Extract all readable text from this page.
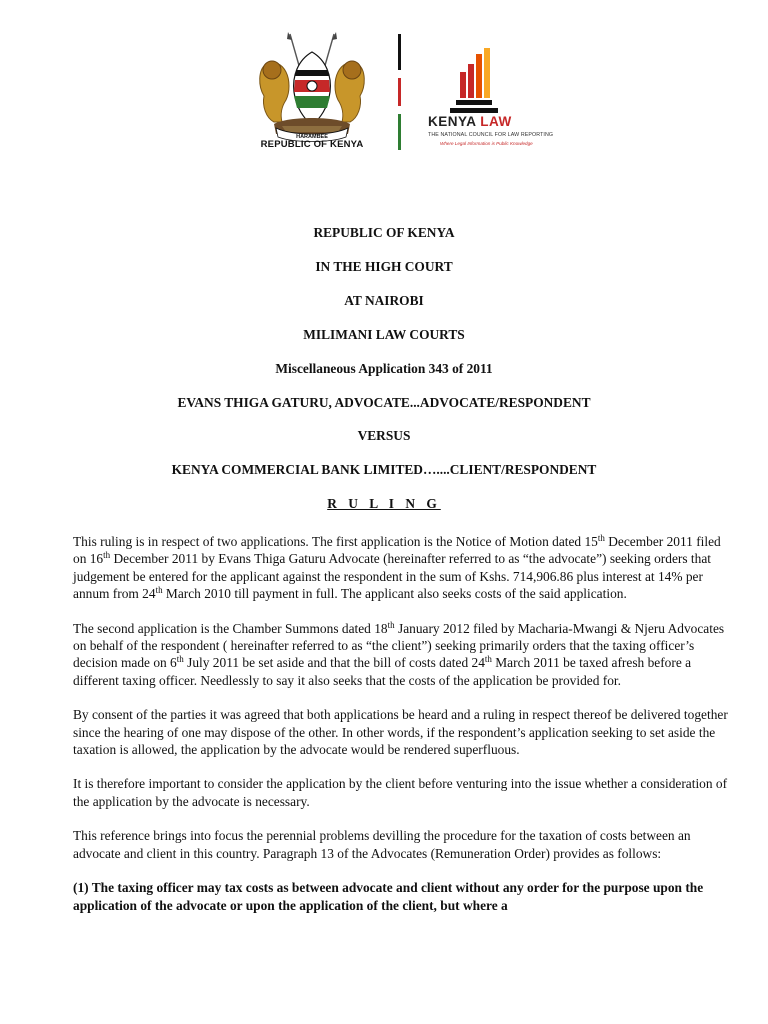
HARAMBEE
REPUBLIC OF KENYA
KENYA LAW
THE NATIONAL COUNCIL FOR LAW REPORTING
Where Legal Information is Public Knowledge
REPUBLIC OF KENYA
IN THE HIGH COURT
AT NAIROBI
MILIMANI LAW COURTS
Miscellaneous Application 343 of 2011
EVANS THIGA GATURU, ADVOCATE...ADVOCATE/RESPONDENT
VERSUS
KENYA COMMERCIAL BANK LIMITED…....CLIENT/RESPONDENT
R U L I N G

This ruling is in respect of two applications. The first application is the Notice of Motion dated 15th December 2011 filed on 16th December 2011 by Evans Thiga Gaturu Advocate (hereinafter referred to as “the advocate”) seeking orders that judgement be entered for the applicant against the respondent in the sum of Kshs. 714,906.86 plus interest at 14% per annum from 24th March 2010 till payment in full. The applicant also seeks costs of the said application.

The second application is the Chamber Summons dated 18th January 2012 filed by Macharia-Mwangi & Njeru Advocates on behalf of the respondent ( hereinafter referred to as “the client”) seeking primarily orders that the taxing officer’s decision made on 6th July 2011 be set aside and that the bill of costs dated 24th March 2011 be taxed afresh before a different taxing officer. Needlessly to say it also seeks that the costs of the application be provided for.

By consent of the parties it was agreed that both applications be heard and a ruling in respect thereof be delivered together since the hearing of one may dispose of the other. In other words, if the respondent’s application seeking to set aside the taxation is allowed, the application by the advocate would be rendered superfluous.

It is therefore important to consider the application by the client before venturing into the issue whether a consideration of the application by the advocate is necessary.

This reference brings into focus the perennial problems devilling the procedure for the taxation of costs between an advocate and client in this country. Paragraph 13 of the Advocates (Remuneration Order) provides as follows:

(1) The taxing officer may tax costs as between advocate and client without any order for the purpose upon the application of the advocate or upon the application of the client, but where a
